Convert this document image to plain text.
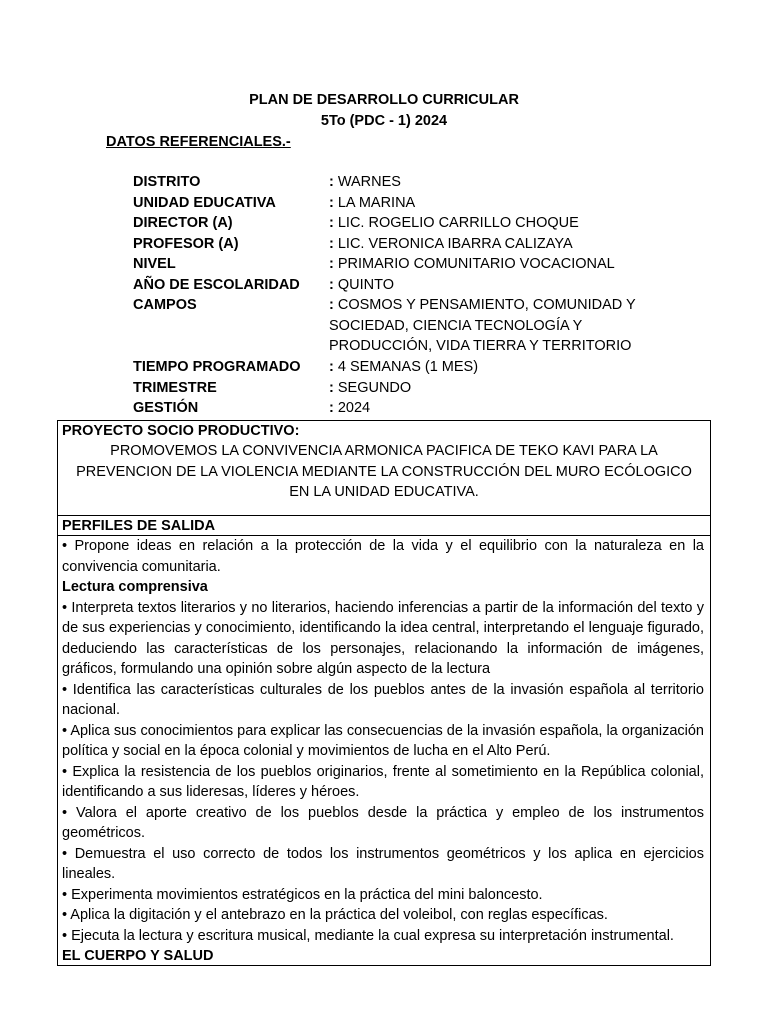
PLAN DE DESARROLLO CURRICULAR
5To (PDC - 1) 2024
DATOS REFERENCIALES.-
DISTRITO	: WARNES
UNIDAD EDUCATIVA	: LA MARINA
DIRECTOR (A)	: LIC. ROGELIO CARRILLO CHOQUE
PROFESOR (A)	: LIC. VERONICA IBARRA CALIZAYA
NIVEL	: PRIMARIO COMUNITARIO VOCACIONAL
AÑO DE ESCOLARIDAD	: QUINTO
CAMPOS	: COSMOS Y PENSAMIENTO, COMUNIDAD Y SOCIEDAD, CIENCIA TECNOLOGÍA Y PRODUCCIÓN, VIDA TIERRA Y TERRITORIO
TIEMPO PROGRAMADO	: 4 SEMANAS (1 MES)
TRIMESTRE	: SEGUNDO
GESTIÓN	: 2024
PROYECTO SOCIO PRODUCTIVO:
PROMOVEMOS LA CONVIVENCIA ARMONICA PACIFICA DE TEKO KAVI PARA LA PREVENCION DE LA VIOLENCIA MEDIANTE LA CONSTRUCCIÓN DEL MURO ECÓLOGICO EN LA UNIDAD EDUCATIVA.
PERFILES DE SALIDA

• Propone ideas en relación a la protección de la vida y el equilibrio con la naturaleza en la convivencia comunitaria.

Lectura comprensiva

• Interpreta textos literarios y no literarios, haciendo inferencias a partir de la información del texto y de sus experiencias y conocimiento, identificando la idea central, interpretando el lenguaje figurado, deduciendo las características de los personajes, relacionando la información de imágenes, gráficos, formulando una opinión sobre algún aspecto de la lectura

• Identifica las características culturales de los pueblos antes de la invasión española al territorio nacional.

• Aplica sus conocimientos para explicar las consecuencias de la invasión española, la organización política y social en la época colonial y movimientos de lucha en el Alto Perú.

• Explica la resistencia de los pueblos originarios, frente al sometimiento en la República colonial, identificando a sus lideresas, líderes y héroes.

• Valora el aporte creativo de los pueblos desde la práctica y empleo de los instrumentos geométricos.

• Demuestra el uso correcto de todos los instrumentos geométricos y los aplica en ejercicios lineales.

• Experimenta movimientos estratégicos en la práctica del mini baloncesto.

• Aplica la digitación y el antebrazo en la práctica del voleibol, con reglas específicas.

• Ejecuta la lectura y escritura musical, mediante la cual expresa su interpretación instrumental.

EL CUERPO Y SALUD
